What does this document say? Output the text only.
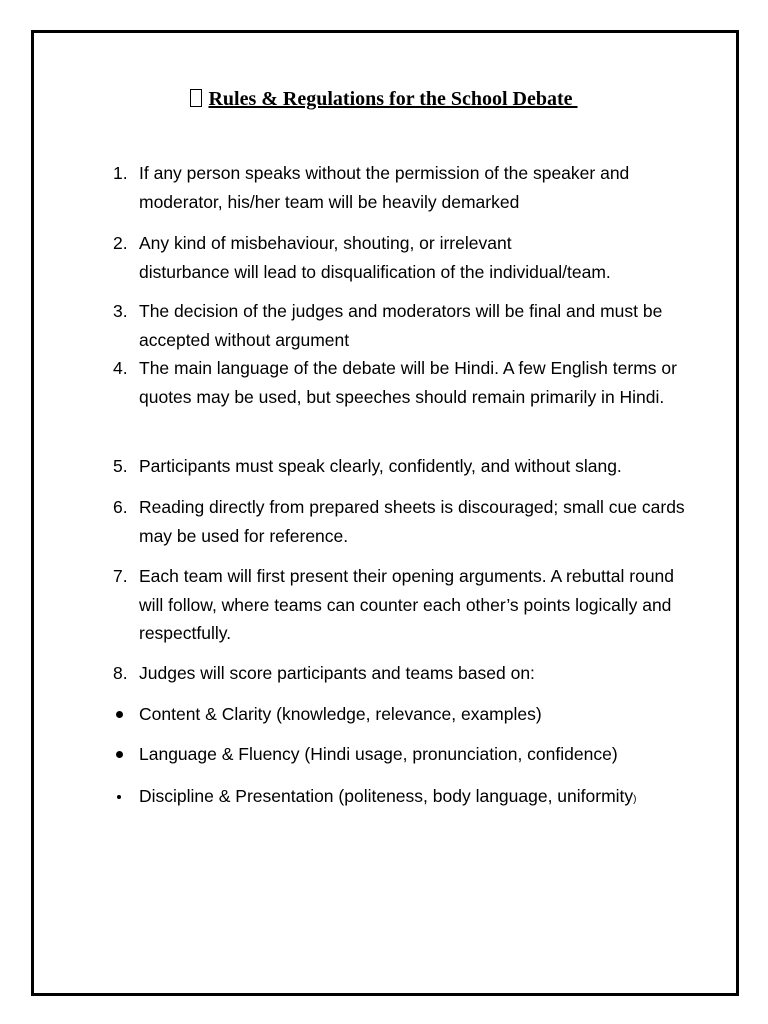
Rules & Regulations for the School Debate
1. If any person speaks without the permission of the speaker and moderator, his/her team will be heavily demarked
2. Any kind of misbehaviour, shouting, or irrelevant
disturbance will lead to disqualification of the individual/team.
3. The decision of the judges and moderators will be final and must be accepted without argument
4. The main language of the debate will be Hindi. A few English terms or quotes may be used, but speeches should remain primarily in Hindi.
5. Participants must speak clearly, confidently, and without slang.
6. Reading directly from prepared sheets is discouraged; small cue cards may be used for reference.
7. Each team will first present their opening arguments. A rebuttal round will follow, where teams can counter each other’s points logically and respectfully.
8. Judges will score participants and teams based on:
Content & Clarity (knowledge, relevance, examples)
Language & Fluency (Hindi usage, pronunciation, confidence)
Discipline & Presentation (politeness, body language, uniformity)
